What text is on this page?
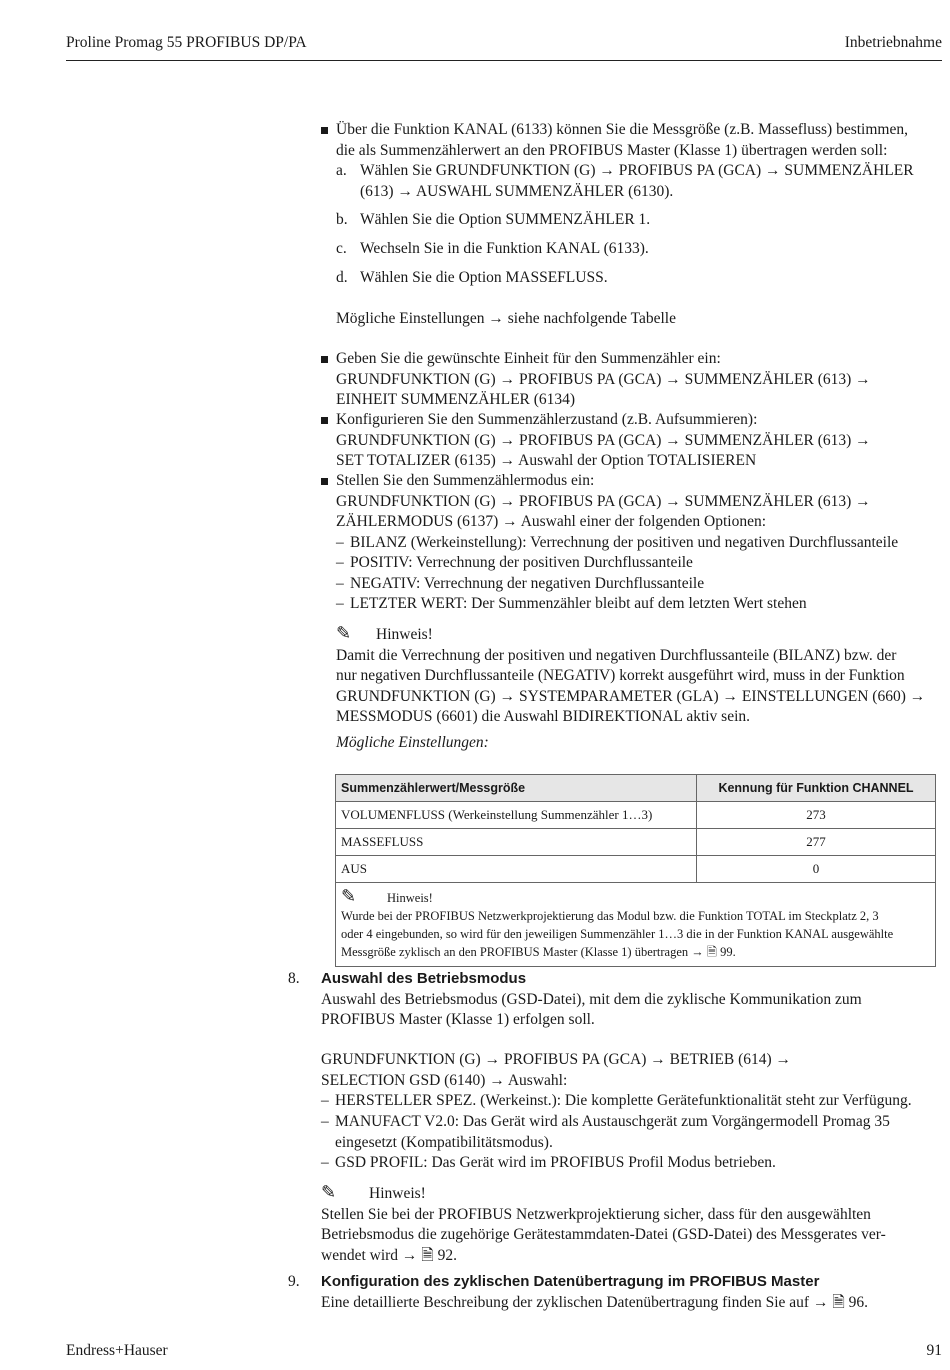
Proline Promag 55 PROFIBUS DP/PA	Inbetriebnahme
Über die Funktion KANAL (6133) können Sie die Messgröße (z.B. Massefluss) bestimmen,
die als Summenzählerwert an den PROFIBUS Master (Klasse 1) übertragen werden soll:
a. Wählen Sie GRUNDFUNKTION (G) → PROFIBUS PA (GCA) → SUMMENZÄHLER
(613) → AUSWAHL SUMMENZÄHLER (6130).
b. Wählen Sie die Option SUMMENZÄHLER 1.
c. Wechseln Sie in die Funktion KANAL (6133).
d. Wählen Sie die Option MASSEFLUSS.
Mögliche Einstellungen → siehe nachfolgende Tabelle
Geben Sie die gewünschte Einheit für den Summenzähler ein:
GRUNDFUNKTION (G) → PROFIBUS PA (GCA) → SUMMENZÄHLER (613) →
EINHEIT SUMMENZÄHLER (6134)
Konfigurieren Sie den Summenzählerzustand (z.B. Aufsummieren):
GRUNDFUNKTION (G) → PROFIBUS PA (GCA) → SUMMENZÄHLER (613) →
SET TOTALIZER (6135) → Auswahl der Option TOTALISIEREN
Stellen Sie den Summenzählermodus ein:
GRUNDFUNKTION (G) → PROFIBUS PA (GCA) → SUMMENZÄHLER (613) →
ZÄHLERMODUS (6137) → Auswahl einer der folgenden Optionen:
– BILANZ (Werkeinstellung): Verrechnung der positiven und negativen Durchflussanteile
– POSITIV: Verrechnung der positiven Durchflussanteile
– NEGATIV: Verrechnung der negativen Durchflussanteile
– LETZTER WERT: Der Summenzähler bleibt auf dem letzten Wert stehen
✎ Hinweis!
Damit die Verrechnung der positiven und negativen Durchflussanteile (BILANZ) bzw. der
nur negativen Durchflussanteile (NEGATIV) korrekt ausgeführt wird, muss in der Funktion
GRUNDFUNKTION (G) → SYSTEMPARAMETER (GLA) → EINSTELLUNGEN (660) →
MESSMODUS (6601) die Auswahl BIDIREKTIONAL aktiv sein.
Mögliche Einstellungen:
Summenzählerwert/Messgröße	Kennung für Funktion CHANNEL
VOLUMENFLUSS (Werkeinstellung Summenzähler 1…3)	273
MASSEFLUSS	277
AUS	0

✎ Hinweis!
Wurde bei der PROFIBUS Netzwerkprojektierung das Modul bzw. die Funktion TOTAL im Steckplatz 2, 3
oder 4 eingebunden, so wird für den jeweiligen Summenzähler 1…3 die in der Funktion KANAL ausgewählte
Messgröße zyklisch an den PROFIBUS Master (Klasse 1) übertragen → 🗎 99.	
8. Auswahl des Betriebsmodus
Auswahl des Betriebsmodus (GSD-Datei), mit dem die zyklische Kommunikation zum
PROFIBUS Master (Klasse 1) erfolgen soll.
GRUNDFUNKTION (G) → PROFIBUS PA (GCA) → BETRIEB (614) →
SELECTION GSD (6140) → Auswahl:
– HERSTELLER SPEZ. (Werkeinst.): Die komplette Gerätefunktionalität steht zur Verfügung.
– MANUFACT V2.0: Das Gerät wird als Austauschgerät zum Vorgängermodell Promag 35
eingesetzt (Kompatibilitätsmodus).
– GSD PROFIL: Das Gerät wird im PROFIBUS Profil Modus betrieben.
✎ Hinweis!
Stellen Sie bei der PROFIBUS Netzwerkprojektierung sicher, dass für den ausgewählten
Betriebsmodus die zugehörige Gerätestammdaten-Datei (GSD-Datei) des Messgerates ver-
wendet wird → 🗎 92.
9. Konfiguration des zyklischen Datenübertragung im PROFIBUS Master
Eine detaillierte Beschreibung der zyklischen Datenübertragung finden Sie auf → 🗎 96.
Endress+Hauser	91
